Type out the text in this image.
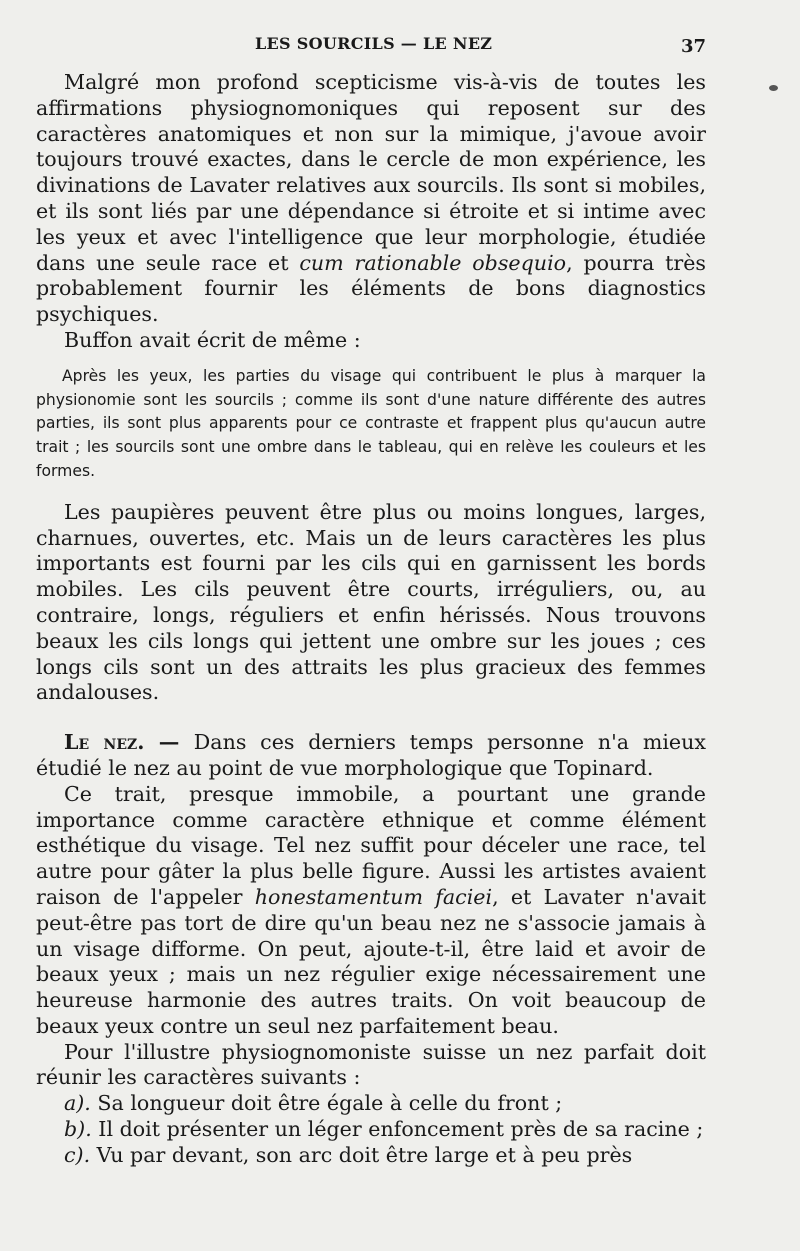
LES SOURCILS — LE NEZ	37

Malgré mon profond scepticisme vis-à-vis de toutes les affirmations physiognomoniques qui reposent sur des caractères anatomiques et non sur la mimique, j'avoue avoir toujours trouvé exactes, dans le cercle de mon expérience, les divinations de Lavater relatives aux sourcils. Ils sont si mobiles, et ils sont liés par une dépendance si étroite et si intime avec les yeux et avec l'intelligence que leur morphologie, étudiée dans une seule race et cum rationable obsequio, pourra très probablement fournir les éléments de bons diagnostics psychiques.

Buffon avait écrit de même :

Après les yeux, les parties du visage qui contribuent le plus à marquer la physionomie sont les sourcils ; comme ils sont d'une nature différente des autres parties, ils sont plus apparents pour ce contraste et frappent plus qu'aucun autre trait ; les sourcils sont une ombre dans le tableau, qui en relève les couleurs et les formes.

Les paupières peuvent être plus ou moins longues, larges, charnues, ouvertes, etc. Mais un de leurs caractères les plus importants est fourni par les cils qui en garnissent les bords mobiles. Les cils peuvent être courts, irréguliers, ou, au contraire, longs, réguliers et enfin hérissés. Nous trouvons beaux les cils longs qui jettent une ombre sur les joues ; ces longs cils sont un des attraits les plus gracieux des femmes andalouses.

Le nez. — Dans ces derniers temps personne n'a mieux étudié le nez au point de vue morphologique que Topinard.

Ce trait, presque immobile, a pourtant une grande importance comme caractère ethnique et comme élément esthétique du visage. Tel nez suffit pour déceler une race, tel autre pour gâter la plus belle figure. Aussi les artistes avaient raison de l'appeler honestamentum faciei, et Lavater n'avait peut-être pas tort de dire qu'un beau nez ne s'associe jamais à un visage difforme. On peut, ajoute-t-il, être laid et avoir de beaux yeux ; mais un nez régulier exige nécessairement une heureuse harmonie des autres traits. On voit beaucoup de beaux yeux contre un seul nez parfaitement beau.

Pour l'illustre physiognomoniste suisse un nez parfait doit réunir les caractères suivants :

a). Sa longueur doit être égale à celle du front ;

b). Il doit présenter un léger enfoncement près de sa racine ;

c). Vu par devant, son arc doit être large et à peu près
